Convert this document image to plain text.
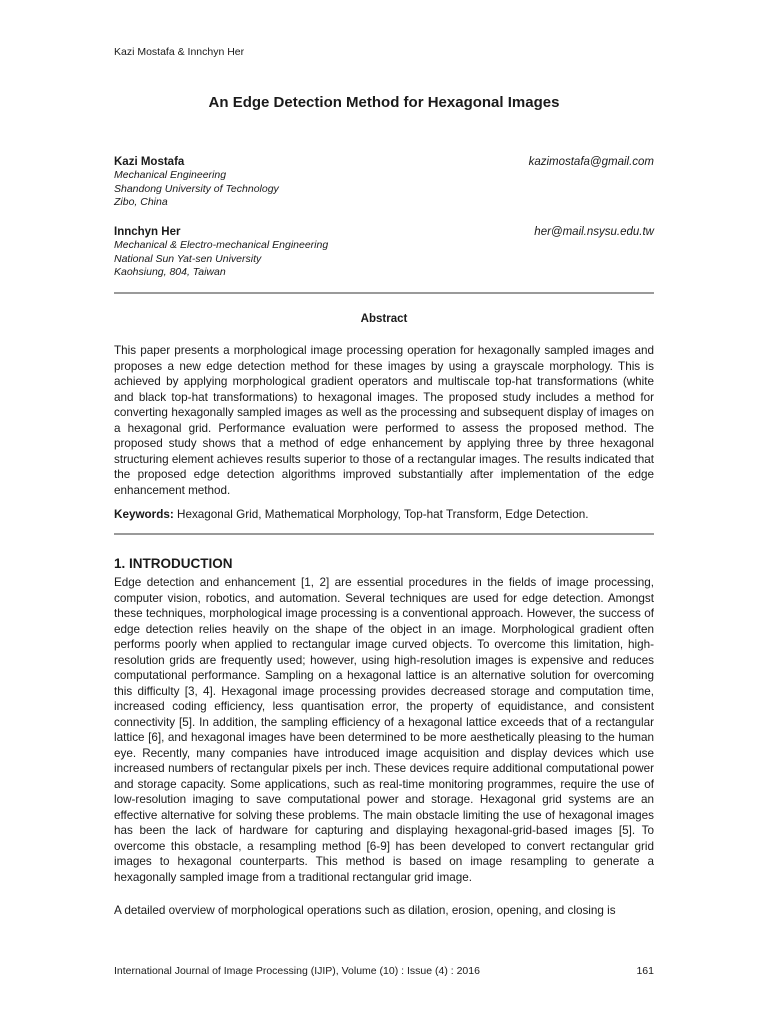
Kazi Mostafa & Innchyn Her
An Edge Detection Method for Hexagonal Images
Kazi Mostafa	kazimostafa@gmail.com
Mechanical Engineering
Shandong University of Technology
Zibo, China
Innchyn Her	her@mail.nsysu.edu.tw
Mechanical & Electro-mechanical Engineering
National Sun Yat-sen University
Kaohsiung, 804, Taiwan
Abstract

This paper presents a morphological image processing operation for hexagonally sampled images and proposes a new edge detection method for these images by using a grayscale morphology. This is achieved by applying morphological gradient operators and multiscale top-hat transformations (white and black top-hat transformations) to hexagonal images. The proposed study includes a method for converting hexagonally sampled images as well as the processing and subsequent display of images on a hexagonal grid. Performance evaluation were performed to assess the proposed method. The proposed study shows that a method of edge enhancement by applying three by three hexagonal structuring element achieves results superior to those of a rectangular images. The results indicated that the proposed edge detection algorithms improved substantially after implementation of the edge enhancement method.

Keywords: Hexagonal Grid, Mathematical Morphology, Top-hat Transform, Edge Detection.

1. INTRODUCTION

Edge detection and enhancement [1, 2] are essential procedures in the fields of image processing, computer vision, robotics, and automation. Several techniques are used for edge detection. Amongst these techniques, morphological image processing is a conventional approach. However, the success of edge detection relies heavily on the shape of the object in an image. Morphological gradient often performs poorly when applied to rectangular image curved objects. To overcome this limitation, high-resolution grids are frequently used; however, using high-resolution images is expensive and reduces computational performance. Sampling on a hexagonal lattice is an alternative solution for overcoming this difficulty [3, 4]. Hexagonal image processing provides decreased storage and computation time, increased coding efficiency, less quantisation error, the property of equidistance, and consistent connectivity [5]. In addition, the sampling efficiency of a hexagonal lattice exceeds that of a rectangular lattice [6], and hexagonal images have been determined to be more aesthetically pleasing to the human eye. Recently, many companies have introduced image acquisition and display devices which use increased numbers of rectangular pixels per inch. These devices require additional computational power and storage capacity. Some applications, such as real-time monitoring programmes, require the use of low-resolution imaging to save computational power and storage. Hexagonal grid systems are an effective alternative for solving these problems. The main obstacle limiting the use of hexagonal images has been the lack of hardware for capturing and displaying hexagonal-grid-based images [5]. To overcome this obstacle, a resampling method [6-9] has been developed to convert rectangular grid images to hexagonal counterparts. This method is based on image resampling to generate a hexagonally sampled image from a traditional rectangular grid image.

A detailed overview of morphological operations such as dilation, erosion, opening, and closing is

International Journal of Image Processing (IJIP), Volume (10) : Issue (4) : 2016	161
